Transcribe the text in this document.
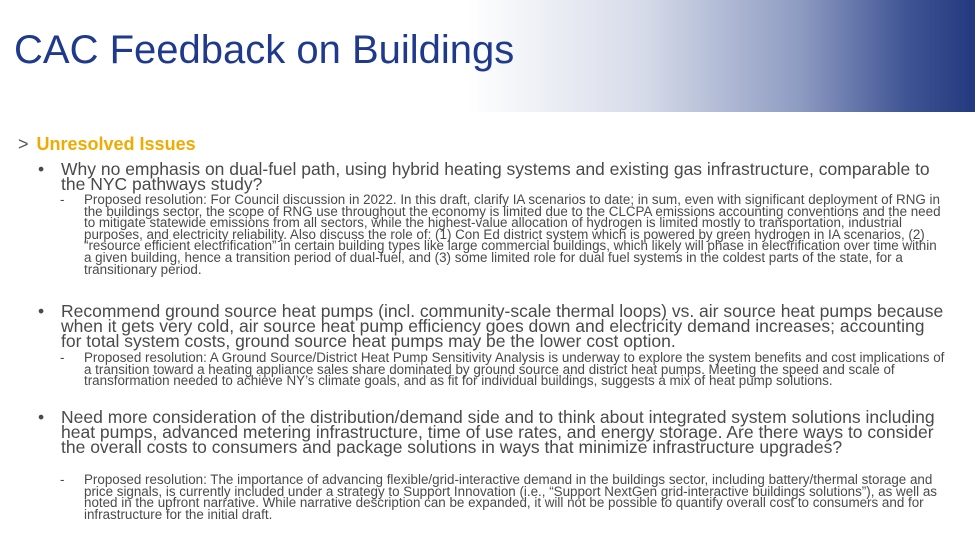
CAC Feedback on Buildings
> Unresolved Issues
• Why no emphasis on dual-fuel path, using hybrid heating systems and existing gas infrastructure, comparable to the NYC pathways study?
- Proposed resolution: For Council discussion in 2022. In this draft, clarify IA scenarios to date; in sum, even with significant deployment of RNG in the buildings sector, the scope of RNG use throughout the economy is limited due to the CLCPA emissions accounting conventions and the need to mitigate statewide emissions from all sectors, while the highest-value allocation of hydrogen is limited mostly to transportation, industrial purposes, and electricity reliability. Also discuss the role of: (1) Con Ed district system which is powered by green hydrogen in IA scenarios, (2) “resource efficient electrification” in certain building types like large commercial buildings, which likely will phase in electrification over time within a given building, hence a transition period of dual-fuel, and (3) some limited role for dual fuel systems in the coldest parts of the state, for a transitionary period.
• Recommend ground source heat pumps (incl. community-scale thermal loops) vs. air source heat pumps because when it gets very cold, air source heat pump efficiency goes down and electricity demand increases; accounting for total system costs, ground source heat pumps may be the lower cost option.
- Proposed resolution: A Ground Source/District Heat Pump Sensitivity Analysis is underway to explore the system benefits and cost implications of a transition toward a heating appliance sales share dominated by ground source and district heat pumps. Meeting the speed and scale of transformation needed to achieve NY’s climate goals, and as fit for individual buildings, suggests a mix of heat pump solutions.
• Need more consideration of the distribution/demand side and to think about integrated system solutions including heat pumps, advanced metering infrastructure, time of use rates, and energy storage. Are there ways to consider the overall costs to consumers and package solutions in ways that minimize infrastructure upgrades?
- Proposed resolution: The importance of advancing flexible/grid-interactive demand in the buildings sector, including battery/thermal storage and price signals, is currently included under a strategy to Support Innovation (i.e., “Support NextGen grid-interactive buildings solutions”), as well as noted in the upfront narrative. While narrative description can be expanded, it will not be possible to quantify overall cost to consumers and for infrastructure for the initial draft.
